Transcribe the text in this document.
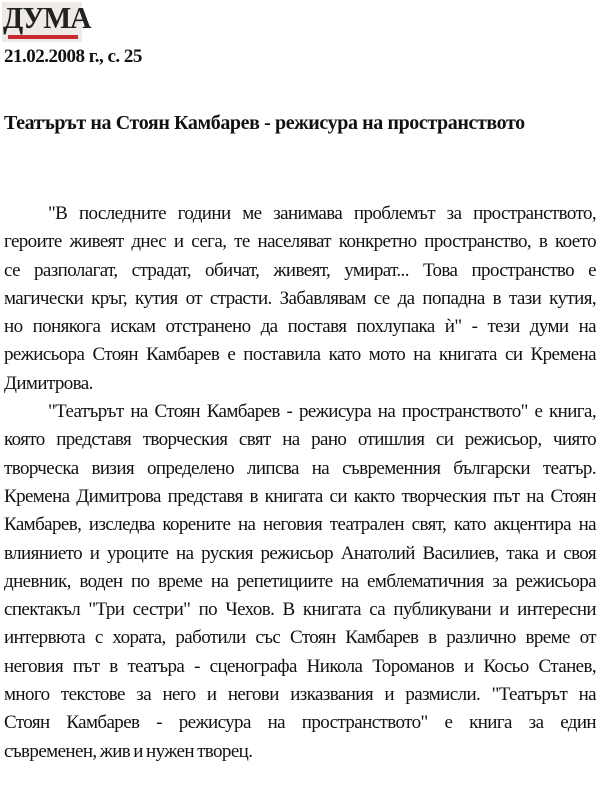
ДУМА
21.02.2008 г., с. 25
Театърът на Стоян Камбарев - режисура на пространството
"В последните години ме занимава проблемът за пространството,
героите живеят днес и сега, те населяват конкретно пространство, в което
се разполагат, страдат, обичат, живеят, умират... Това пространство е
магически кръг, кутия от страсти. Забавлявам се да попадна в тази кутия,
но понякога искам отстранено да поставя похлупака ѝ" - тези думи на
режисьора Стоян Камбарев е поставила като мото на книгата си Кремена
Димитрова.
"Театърът на Стоян Камбарев - режисура на пространството" е книга,
която представя творческия свят на рано отишлия си режисьор, чиято
творческа визия определено липсва на съвременния български театър.
Кремена Димитрова представя в книгата си както творческия път на Стоян
Камбарев, изследва корените на неговия театрален свят, като акцентира на
влиянието и уроците на руския режисьор Анатолий Василиев, така и своя
дневник, воден по време на репетициите на емблематичния за режисьора
спектакъл "Три сестри" по Чехов. В книгата са публикувани и интересни
интервюта с хората, работили със Стоян Камбарев в различно време от
неговия път в театъра - сценографа Никола Тороманов и Косьо Станев,
много текстове за него и негови изказвания и размисли. "Театърът на
Стоян Камбарев - режисура на пространството" е книга за един
съвременен, жив и нужен творец.
